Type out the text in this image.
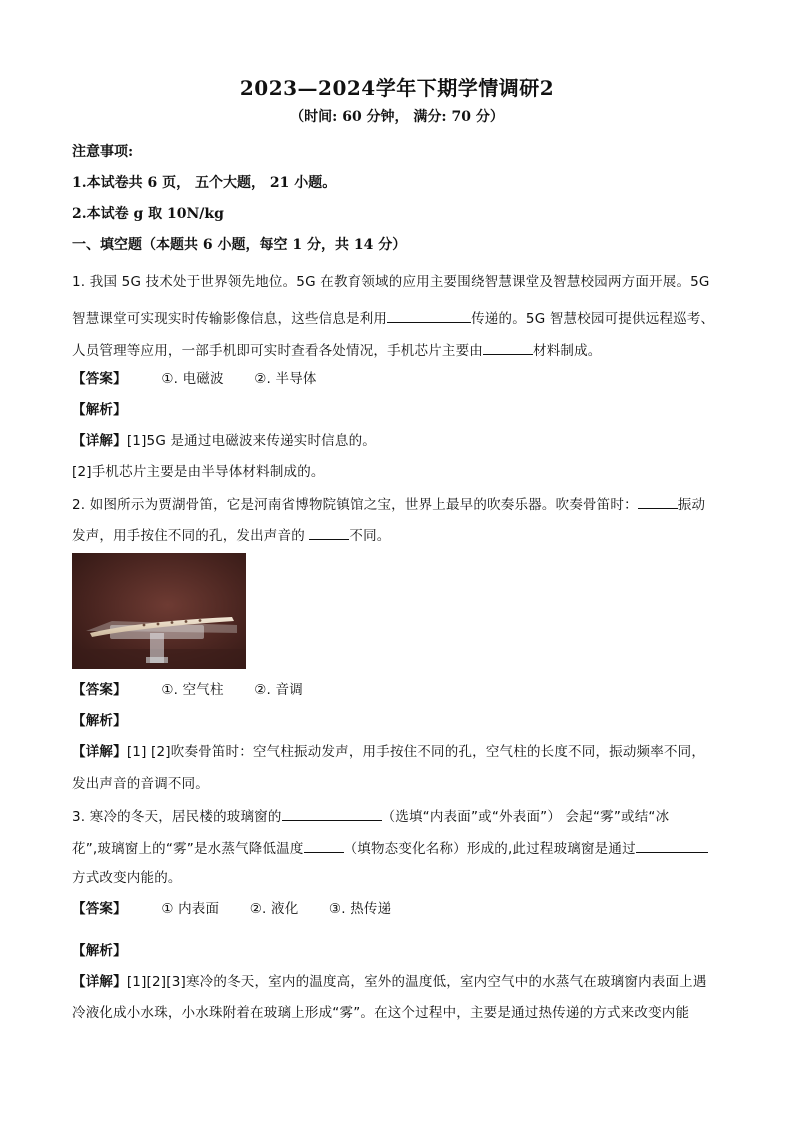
2023—2024学年下期学情调研2
（时间: 60 分钟， 满分: 70 分）
注意事项:
1.本试卷共 6 页， 五个大题， 21 小题。
2.本试卷 g 取 10N/kg
一、填空题（本题共 6 小题，每空 1 分，共 14 分）
1. 我国 5G 技术处于世界领先地位。5G 在教育领域的应用主要围绕智慧课堂及智慧校园两方面开展。5G
智慧课堂可实现实时传输影像信息，这些信息是利用	传递的。5G 智慧校园可提供远程巡考、
人员管理等应用，一部手机即可实时查看各处情况，手机芯片主要由	材料制成。
【答案】	①. 电磁波 ②. 半导体
【解析】
【详解】[1]5G 是通过电磁波来传递实时信息的。
[2]手机芯片主要是由半导体材料制成的。
2. 如图所示为贾湖骨笛，它是河南省博物院镇馆之宝，世界上最早的吹奏乐器。吹奏骨笛时：	振动
发声，用手按住不同的孔，发出声音的	不同。
【答案】	①. 空气柱 ②. 音调
【解析】
【详解】[1] [2]吹奏骨笛时：空气柱振动发声，用手按住不同的孔，空气柱的长度不同，振动频率不同，
发出声音的音调不同。
3. 寒冷的冬天，居民楼的玻璃窗的	（选填“内表面”或“外表面”） 会起“雾”或结“冰
花”,玻璃窗上的“雾”是水蒸气降低温度	（填物态变化名称）形成的,此过程玻璃窗是通过
方式改变内能的。
【答案】	① 内表面 ②. 液化 ③. 热传递
【解析】
【详解】[1][2][3]寒冷的冬天，室内的温度高，室外的温度低，室内空气中的水蒸气在玻璃窗内表面上遇
冷液化成小水珠，小水珠附着在玻璃上形成“雾”。在这个过程中，主要是通过热传递的方式来改变内能
